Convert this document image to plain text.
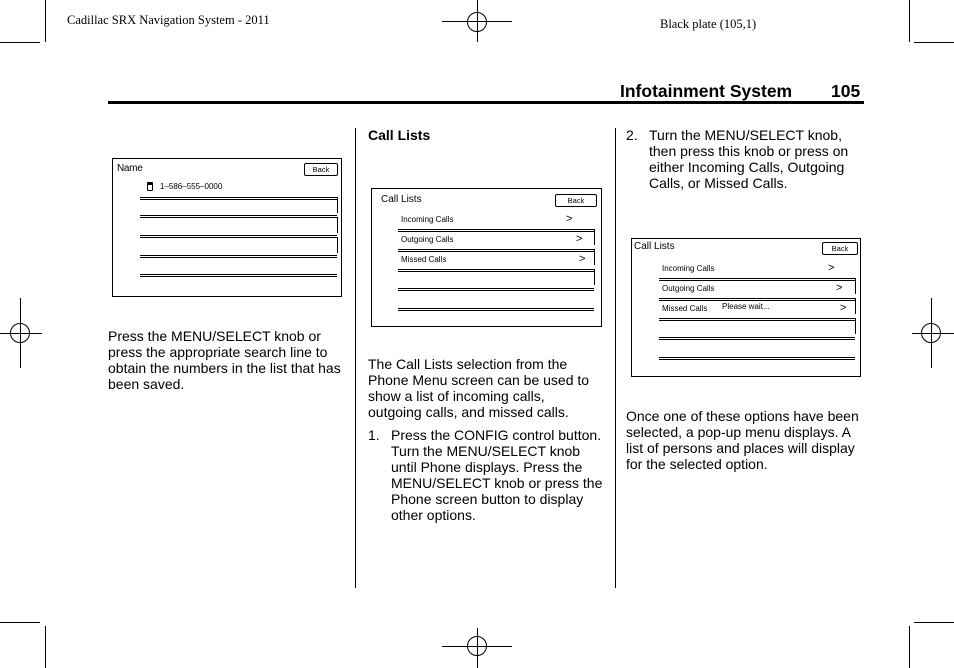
Cadillac SRX Navigation System - 2011	Black plate (105,1)
Infotainment System 105
Name	Back
1–586–555–0000
Press the MENU/SELECT knob or press the appropriate search line to obtain the numbers in the list that has been saved.
Call Lists
Call Lists	Back
Incoming Calls	>
Outgoing Calls	>
Missed Calls	>
The Call Lists selection from the Phone Menu screen can be used to show a list of incoming calls, outgoing calls, and missed calls.
1. Press the CONFIG control button. Turn the MENU/SELECT knob until Phone displays. Press the MENU/SELECT knob or press the Phone screen button to display other options.
2. Turn the MENU/SELECT knob, then press this knob or press on either Incoming Calls, Outgoing Calls, or Missed Calls.
Call Lists	Back
Incoming Calls	>
Outgoing Calls	>
Missed Calls Please wait...	>
Once one of these options have been selected, a pop-up menu displays. A list of persons and places will display for the selected option.
